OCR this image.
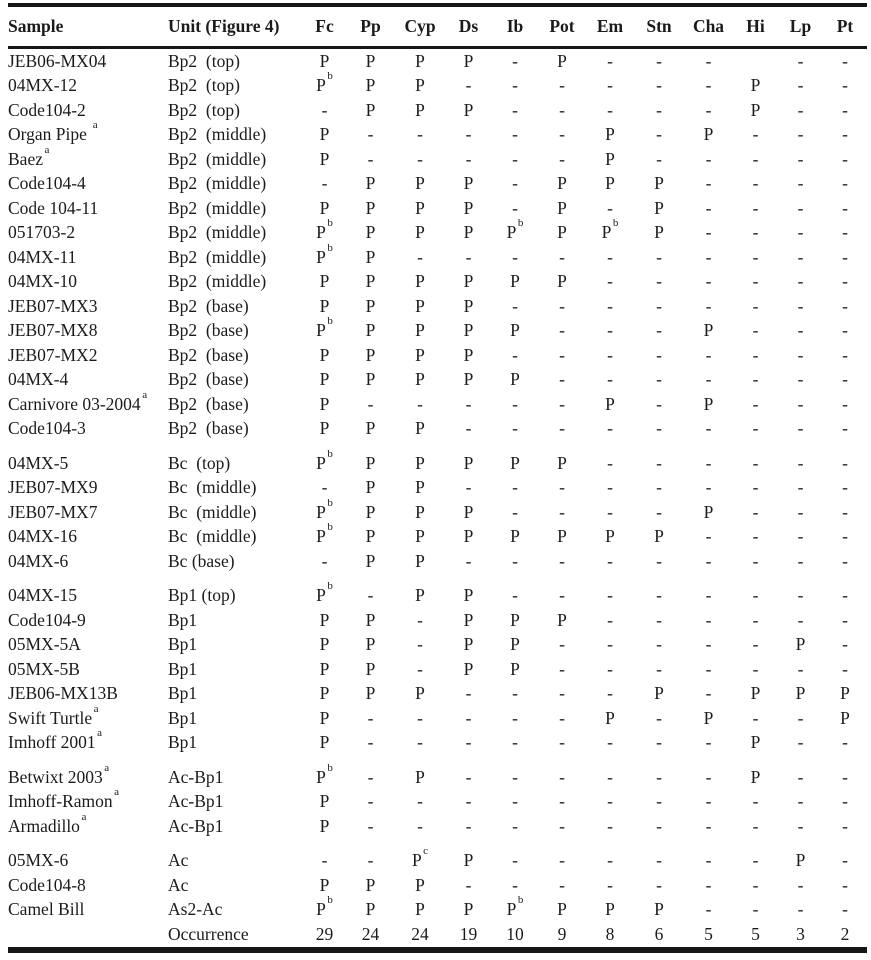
Sample	Unit (Figure 4)	Fc	Pp	Cyp	Ds	Ib	Pot	Em	Stn	Cha	Hi	Lp	Pt
JEB06-MX04	Bp2  (top)	P	P	P	P	-	P	-	-	-		-	-
04MX-12	Bp2  (top)	P $^b$	P	P	-	-	-	-	-	-	P	-	-
Code104-2	Bp2  (top)	-	P	P	P	-	-	-	-	-	P	-	-
Organ Pipe $^a$	Bp2  (middle)	P	-	-	-	-	-	P	-	P	-	-	-
Baez $^a$	Bp2  (middle)	P	-	-	-	-	-	P	-	-	-	-	-
Code104-4	Bp2  (middle)	-	P	P	P	-	P	P	P	-	-	-	-
Code 104-11	Bp2  (middle)	P	P	P	P	-	P	-	P	-	-	-	-
051703-2	Bp2  (middle)	P $^b$	P	P	P	P $^b$	P	P $^b$	P	-	-	-	-
04MX-11	Bp2  (middle)	P $^b$	P	-	-	-	-	-	-	-	-	-	-
04MX-10	Bp2  (middle)	P	P	P	P	P	P	-	-	-	-	-	-
JEB07-MX3	Bp2  (base)	P	P	P	P	-	-	-	-	-	-	-	-
JEB07-MX8	Bp2  (base)	P $^b$	P	P	P	P	-	-	-	P	-	-	-
JEB07-MX2	Bp2  (base)	P	P	P	P	-	-	-	-	-	-	-	-
04MX-4	Bp2  (base)	P	P	P	P	P	-	-	-	-	-	-	-
Carnivore 03-2004 $^a$	Bp2  (base)	P	-	-	-	-	-	P	-	P	-	-	-
Code104-3	Bp2  (base)	P	P	P	-	-	-	-	-	-	-	-	-
04MX-5	Bc  (top)	P $^b$	P	P	P	P	P	-	-	-	-	-	-
JEB07-MX9	Bc  (middle)	-	P	P	-	-	-	-	-	-	-	-	-
JEB07-MX7	Bc  (middle)	P $^b$	P	P	P	-	-	-	-	P	-	-	-
04MX-16	Bc  (middle)	P $^b$	P	P	P	P	P	P	P	-	-	-	-
04MX-6	Bc (base)	-	P	P	-	-	-	-	-	-	-	-	-
04MX-15	Bp1 (top)	P $^b$	-	P	P	-	-	-	-	-	-	-	-
Code104-9	Bp1	P	P	-	P	P	P	-	-	-	-	-	-
05MX-5A	Bp1	P	P	-	P	P	-	-	-	-	-	P	-
05MX-5B	Bp1	P	P	-	P	P	-	-	-	-	-	-	-
JEB06-MX13B	Bp1	P	P	P	-	-	-	-	P	-	P	P	P
Swift Turtle $^a$	Bp1	P	-	-	-	-	-	P	-	P	-	-	P
Imhoff 2001 $^a$	Bp1	P	-	-	-	-	-	-	-	-	P	-	-
Betwixt 2003 $^a$	Ac-Bp1	P $^b$	-	P	-	-	-	-	-	-	P	-	-
Imhoff-Ramon $^a$	Ac-Bp1	P	-	-	-	-	-	-	-	-	-	-	-
Armadillo $^a$	Ac-Bp1	P	-	-	-	-	-	-	-	-	-	-	-
05MX-6	Ac	-	-	P $^c$	P	-	-	-	-	-	-	P	-
Code104-8	Ac	P	P	P	-	-	-	-	-	-	-	-	-
Camel Bill	As2-Ac	P $^b$	P	P	P	P $^b$	P	P	P	-	-	-	-
	Occurrence	29	24	24	19	10	9	8	6	5	5	3	2
